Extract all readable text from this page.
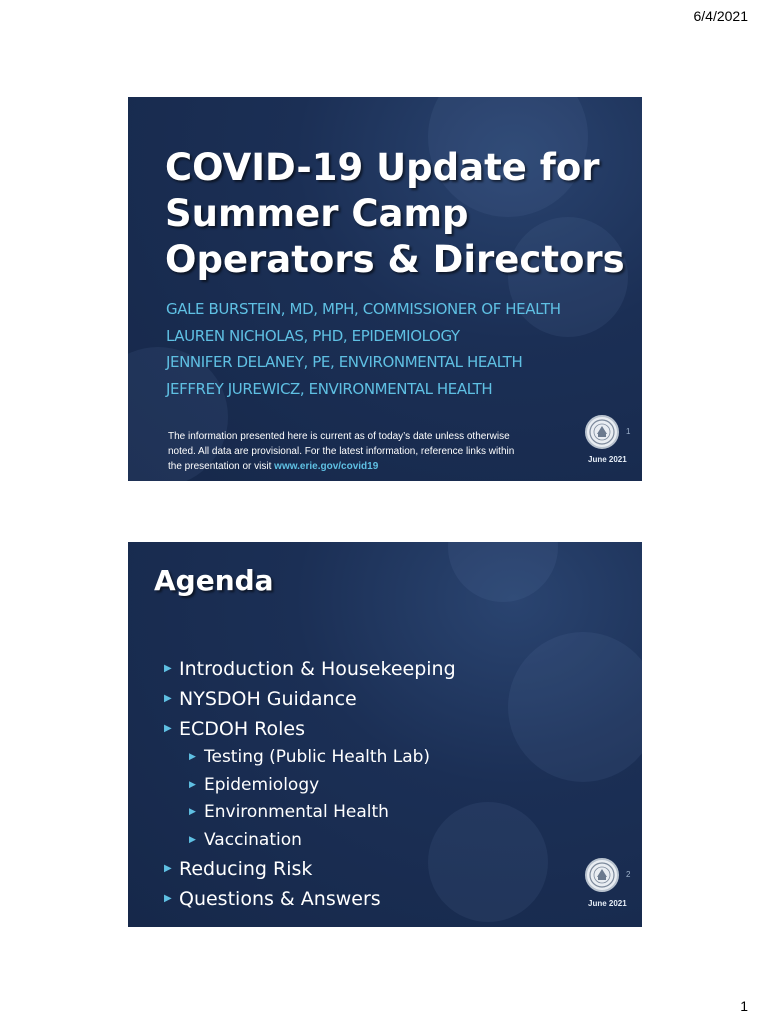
6/4/2021
COVID-19 Update for Summer Camp Operators & Directors
GALE BURSTEIN, MD, MPH, COMMISSIONER OF HEALTH
LAUREN NICHOLAS, PHD, EPIDEMIOLOGY
JENNIFER DELANEY, PE, ENVIRONMENTAL HEALTH
JEFFREY JUREWICZ, ENVIRONMENTAL HEALTH
The information presented here is current as of today’s date unless otherwise noted. All data are provisional. For the latest information, reference links within the presentation or visit www.erie.gov/covid19
1
June 2021
Agenda
▶ Introduction & Housekeeping
▶ NYSDOH Guidance
▶ ECDOH Roles
▶ Testing (Public Health Lab)
▶ Epidemiology
▶ Environmental Health
▶ Vaccination
▶ Reducing Risk
▶ Questions & Answers
2
June 2021
1
